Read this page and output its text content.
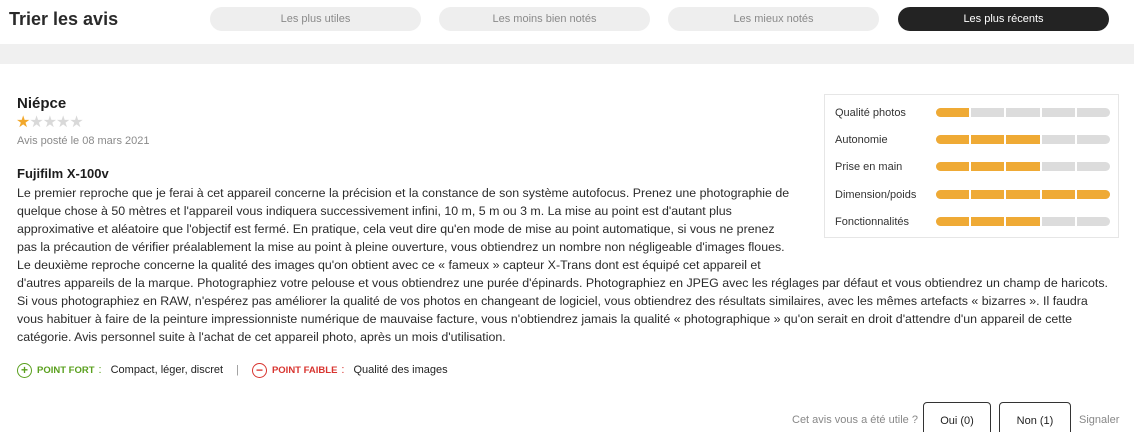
Trier les avis	Les plus utiles	Les moins bien notés	Les mieux notés	Les plus récents
Niépce
★★★★★
Avis posté le 08 mars 2021
Fujifilm X-100v

Le premier reproche que je ferai à cet appareil concerne la précision et la constance de son système autofocus. Prenez une photographie de

quelque chose à 50 mètres et l'appareil vous indiquera successivement infini, 10 m, 5 m ou 3 m. La mise au point est d'autant plus

approximative et aléatoire que l'objectif est fermé. En pratique, cela veut dire qu'en mode de mise au point automatique, si vous ne prenez

pas la précaution de vérifier préalablement la mise au point à pleine ouverture, vous obtiendrez un nombre non négligeable d'images floues.

Le deuxième reproche concerne la qualité des images qu'on obtient avec ce « fameux » capteur X-Trans dont est équipé cet appareil et

d'autres appareils de la marque. Photographiez votre pelouse et vous obtiendrez une purée d'épinards. Photographiez en JPEG avec les réglages par défaut et vous obtiendrez un champ de haricots.

Si vous photographiez en RAW, n'espérez pas améliorer la qualité de vos photos en changeant de logiciel, vous obtiendrez des résultats similaires, avec les mêmes artefacts « bizarres ». Il faudra

vous habituer à faire de la peinture impressionniste numérique de mauvaise facture, vous n'obtiendrez jamais la qualité « photographique » qu'on serait en droit d'attendre d'un appareil de cette

catégorie. Avis personnel suite à l'achat de cet appareil photo, après un mois d'utilisation.

Qualité photos
Autonomie
Prise en main
Dimension/poids
Fonctionnalités
+ POINT FORT : Compact, léger, discret |	− POINT FAIBLE : Qualité des images
Cet avis vous a été utile ?	Oui (0)	Non (1)	Signaler
